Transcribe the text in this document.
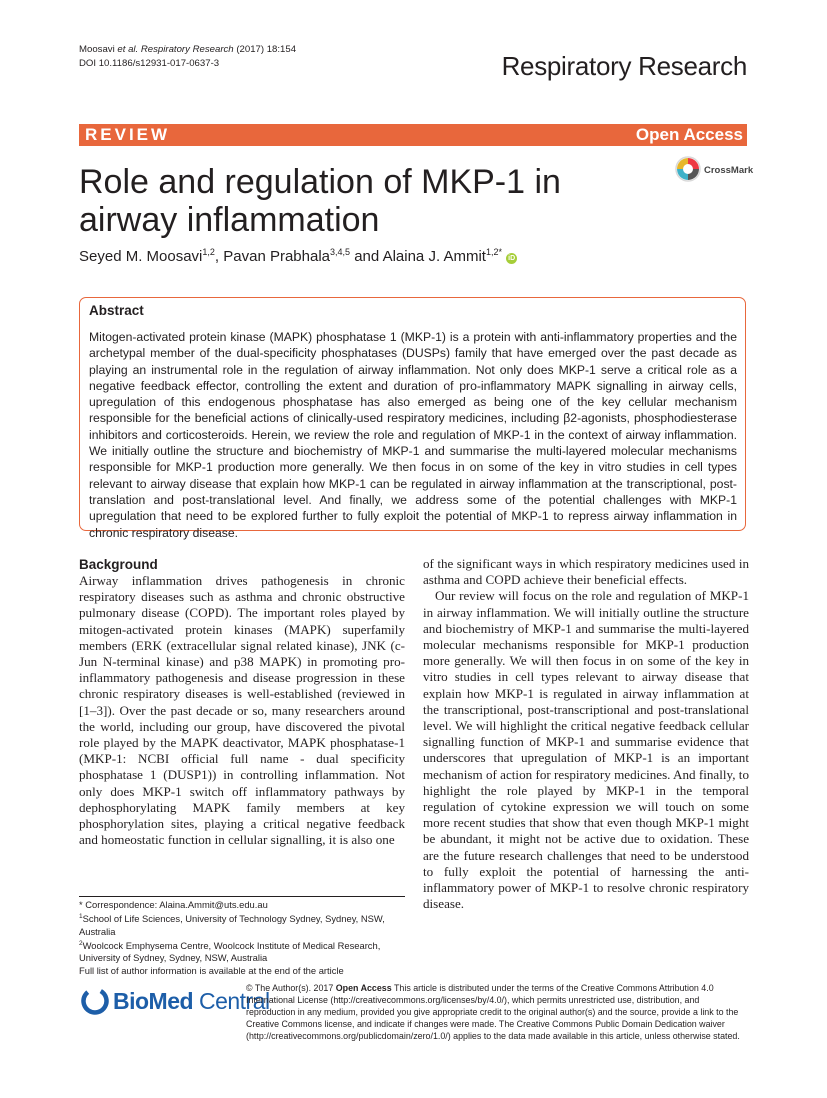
Moosavi et al. Respiratory Research (2017) 18:154
DOI 10.1186/s12931-017-0637-3	Respiratory Research
REVIEW	Open Access
Role and regulation of MKP-1 in airway inflammation
CrossMark
Seyed M. Moosavi$^{1,2}$, Pavan Prabhala$^{3,4,5}$ and Alaina J. Ammit$^{1,2*}$ iD
Abstract

Mitogen-activated protein kinase (MAPK) phosphatase 1 (MKP-1) is a protein with anti-inflammatory properties and the archetypal member of the dual-specificity phosphatases (DUSPs) family that have emerged over the past decade as playing an instrumental role in the regulation of airway inflammation. Not only does MKP-1 serve a critical role as a negative feedback effector, controlling the extent and duration of pro-inflammatory MAPK signalling in airway cells, upregulation of this endogenous phosphatase has also emerged as being one of the key cellular mechanism responsible for the beneficial actions of clinically-used respiratory medicines, including β2-agonists, phosphodiesterase inhibitors and corticosteroids. Herein, we review the role and regulation of MKP-1 in the context of airway inflammation. We initially outline the structure and biochemistry of MKP-1 and summarise the multi-layered molecular mechanisms responsible for MKP-1 production more generally. We then focus in on some of the key in vitro studies in cell types relevant to airway disease that explain how MKP-1 can be regulated in airway inflammation at the transcriptional, post-translation and post-translational level. And finally, we address some of the potential challenges with MKP-1 upregulation that need to be explored further to fully exploit the potential of MKP-1 to repress airway inflammation in chronic respiratory disease.

Background

Airway inflammation drives pathogenesis in chronic respiratory diseases such as asthma and chronic obstructive pulmonary disease (COPD). The important roles played by mitogen-activated protein kinases (MAPK) superfamily members (ERK (extracellular signal related kinase), JNK (c-Jun N-terminal kinase) and p38 MAPK) in promoting pro-inflammatory pathogenesis and disease progression in these chronic respiratory diseases is well-established (reviewed in [1–3]). Over the past decade or so, many researchers around the world, including our group, have discovered the pivotal role played by the MAPK deactivator, MAPK phosphatase-1 (MKP-1: NCBI official full name - dual specificity phosphatase 1 (DUSP1)) in controlling inflammation. Not only does MKP-1 switch off inflammatory pathways by dephosphorylating MAPK family members at key phosphorylation sites, playing a critical negative feedback and homeostatic function in cellular signalling, it is also one

of the significant ways in which respiratory medicines used in asthma and COPD achieve their beneficial effects.

Our review will focus on the role and regulation of MKP-1 in airway inflammation. We will initially outline the structure and biochemistry of MKP-1 and summarise the multi-layered molecular mechanisms responsible for MKP-1 production more generally. We will then focus in on some of the key in vitro studies in cell types relevant to airway disease that explain how MKP-1 is regulated in airway inflammation at the transcriptional, post-transcriptional and post-translational level. We will highlight the critical negative feedback cellular signalling function of MKP-1 and summarise evidence that underscores that upregulation of MKP-1 is an important mechanism of action for respiratory medicines. And finally, to highlight the role played by MKP-1 in the temporal regulation of cytokine expression we will touch on some more recent studies that show that even though MKP-1 might be abundant, it might not be active due to oxidation. These are the future research challenges that need to be understood to fully exploit the potential of harnessing the anti-inflammatory power of MKP-1 to resolve chronic respiratory disease.

* Correspondence: Alaina.Ammit@uts.edu.au

$^1$School of Life Sciences, University of Technology Sydney, Sydney, NSW, Australia

$^2$Woolcock Emphysema Centre, Woolcock Institute of Medical Research, University of Sydney, Sydney, NSW, Australia

Full list of author information is available at the end of the article

BioMed Central
© The Author(s). 2017 Open Access This article is distributed under the terms of the Creative Commons Attribution 4.0 International License (http://creativecommons.org/licenses/by/4.0/), which permits unrestricted use, distribution, and reproduction in any medium, provided you give appropriate credit to the original author(s) and the source, provide a link to the Creative Commons license, and indicate if changes were made. The Creative Commons Public Domain Dedication waiver (http://creativecommons.org/publicdomain/zero/1.0/) applies to the data made available in this article, unless otherwise stated.
